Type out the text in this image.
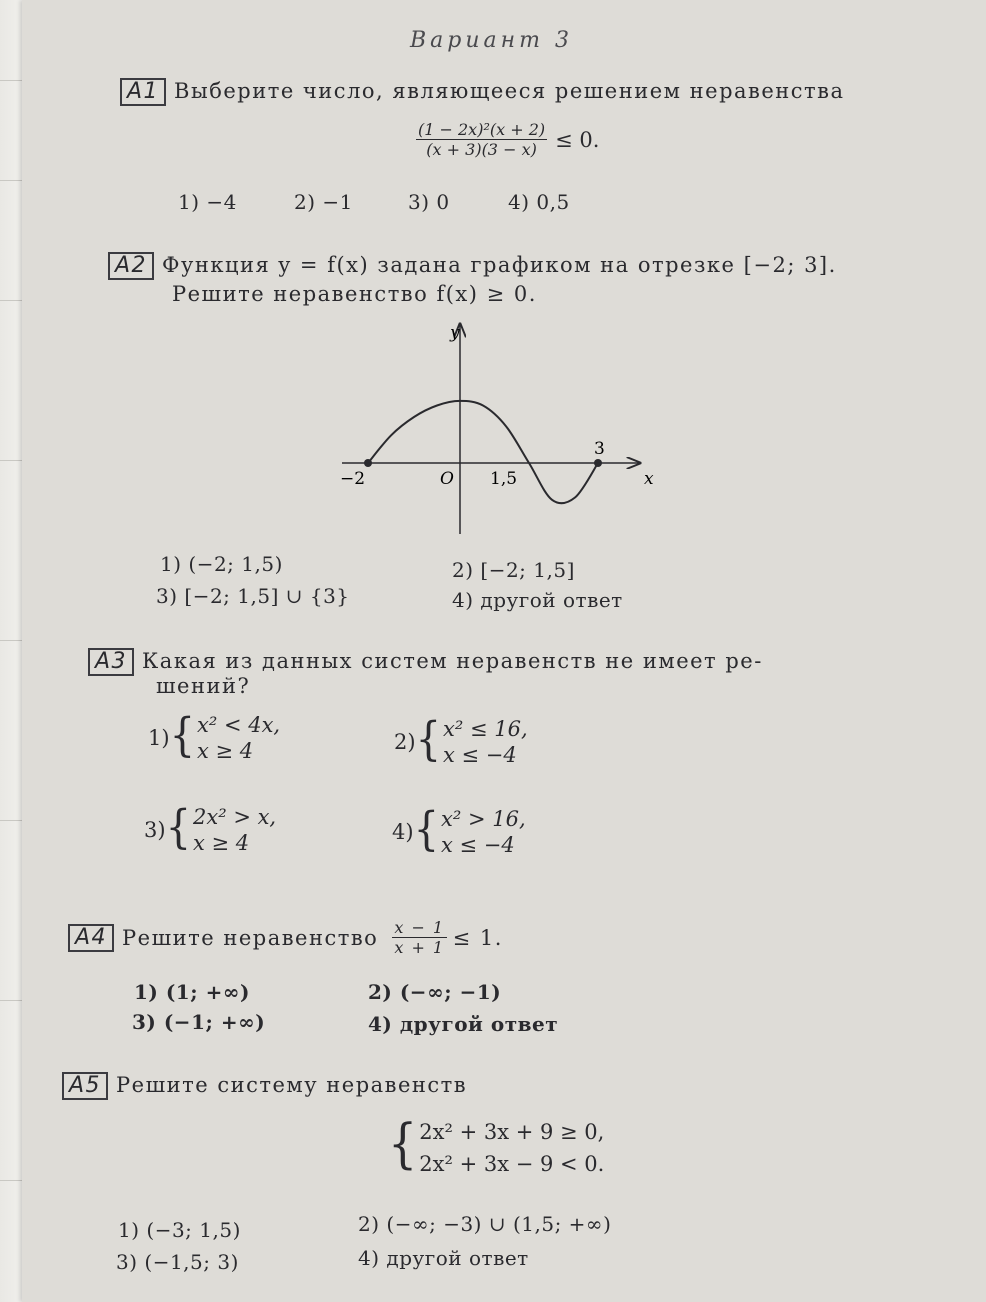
Вариант 3
А1 Выберите число, являющееся решением неравенства
$\frac{\text{(1 − 2x)²(x + 2)}}{(x + 3)(3 - x)} \le 0$.
1) −4	2) −1	3) 0	4) 0,5
А2 Функция y = f(x) задана графиком на отрезке [−2; 3].
Решите неравенство f(x) ≥ 0.
y
x
O
−2	1,5
3
1) (−2; 1,5)	2) [−2; 1,5]
3) [−2; 1,5] ∪ {3}	4) другой ответ
А3 Какая из данных систем неравенств не имеет ре-
шений?
1) { x² < 4x,
x ≥ 4	2) { x² ≤ 16,
x ≤ −4
3) { 2x² > x,
x ≥ 4	4) { x² > 16,
x ≤ −4
А4 Решите неравенство $\frac{x - 1}{x + 1} \le 1$.
1) (1; +∞)	2) (−∞; −1)
3) (−1; +∞)	4) другой ответ
А5 Решите систему неравенств
{ 2x² + 3x + 9 ≥ 0,
2x² + 3x − 9 < 0.
1) (−3; 1,5)	2) (−∞; −3) ∪ (1,5; +∞)
3) (−1,5; 3)	4) другой ответ
